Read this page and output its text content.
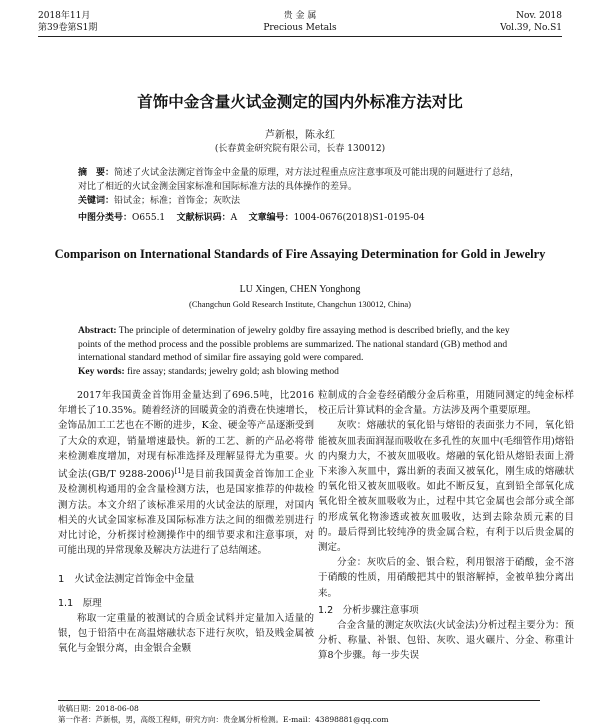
2018年11月
第39卷第S1期
贵 金 属
Precious Metals
Nov. 2018
Vol.39, No.S1
首饰中金含量火试金测定的国内外标准方法对比
芦新根，陈永红
(长春黄金研究院有限公司，长春 130012)
摘　要：简述了火试金法测定首饰金中金量的原理，对方法过程重点应注意事项及可能出现的问题进行了总结，对比了相近的火试金测金国家标准和国际标准方法的具体操作的差异。
关键词：铅试金；标准；首饰金；灰吹法
中图分类号：O655.1 文献标识码：A 文章编号：1004-0676(2018)S1-0195-04
Comparison on International Standards of Fire Assaying Determination for Gold in Jewelry
LU Xingen, CHEN Yonghong
(Changchun Gold Research Institute, Changchun 130012, China)
Abstract: The principle of determination of jewelry goldby fire assaying method is described briefly, and the key points of the method process and the possible problems are summarized. The national standard (GB) method and international standard method of similar fire assaying gold were compared.
Key words: fire assay; standards; jewelry gold; ash blowing method

2017年我国黄金首饰用金量达到了696.5吨，比2016年增长了10.35%。随着经济的回暖黄金的消费在快速增长，金饰品加工工艺也在不断的进步，K金、硬金等产品逐渐受到了大众的欢迎，销量增速最快。新的工艺、新的产品必将带来检测难度增加，对现有标准选择及理解显得尤为重要。火试金法(GB/T 9288-2006)[1]是目前我国黄金首饰加工企业及检测机构通用的金含量检测方法，也是国家推荐的仲裁检测方法。本文介绍了该标准采用的火试金法的原理，对国内相关的火试金国家标准及国际标准方法之间的细微差别进行对比讨论，分析探讨检测操作中的细节要求和注意事项，对可能出现的异常现象及解决方法进行了总结阐述。

1　火试金法测定首饰金中金量
1.1　原理

称取一定重量的被测试的合质金试料并定量加入适量的银，包于铅箔中在高温熔融状态下进行灰吹，铅及贱金属被氧化与金银分离，由金银合金颗

粒制成的合金卷经硝酸分金后称重，用随同测定的纯金标样校正后计算试料的金含量。方法涉及两个重要原理。

灰吹：熔融状的氧化铅与熔铅的表面张力不同，氧化铅能被灰皿表面润湿而吸收在多孔性的灰皿中(毛细管作用)熔铅的内聚力大，不被灰皿吸收。熔融的氧化铅从熔铅表面上滑下来渗入灰皿中，露出新的表面又被氧化，刚生成的熔融状的氧化铅又被灰皿吸收。如此不断反复，直到铅全部氧化成氧化铅全被灰皿吸收为止，过程中其它金属也会部分或全部的形成氧化物渗透或被灰皿吸收，达到去除杂质元素的目的。最后得到比较纯净的贵金属合粒，有利于以后贵金属的测定。

分金：灰吹后的金、银合粒，利用银溶于硝酸，金不溶于硝酸的性质，用硝酸把其中的银溶解掉，金被单独分离出来。

1.2　分析步骤注意事项

合金含量的测定灰吹法(火试金法)分析过程主要分为：预分析、称量、补银、包铅、灰吹、退火碾片、分金、称重计算8个步骤。每一步失误

收稿日期：2018-06-08
第一作者：芦新根，男，高级工程师，研究方向：贵金属分析检测。E-mail：43898881@qq.com
